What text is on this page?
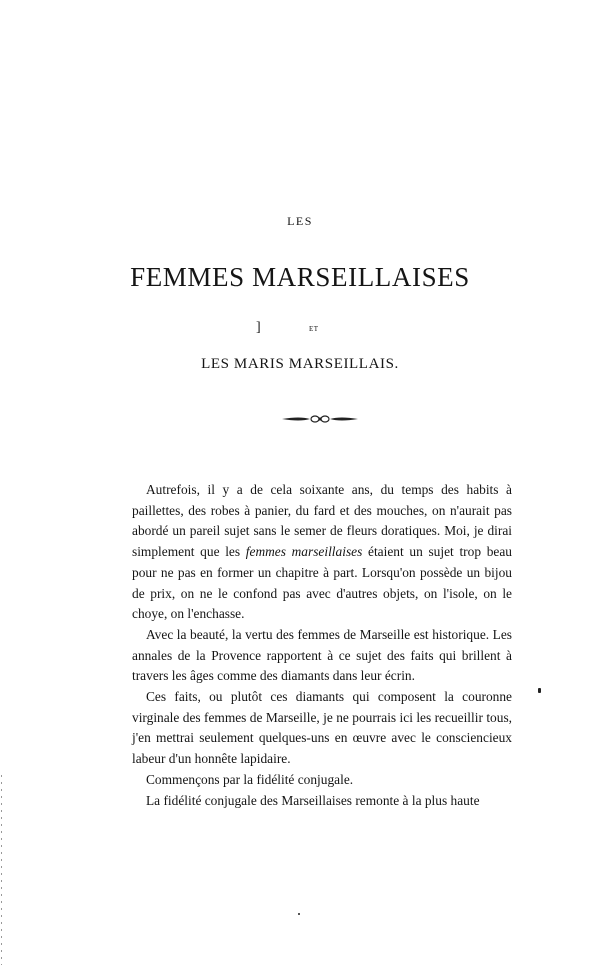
LES
FEMMES MARSEILLAISES
]	ET
LES MARIS MARSEILLAIS.

Autrefois, il y a de cela soixante ans, du temps des habits à paillettes, des robes à panier, du fard et des mouches, on n'aurait pas abordé un pareil sujet sans le semer de fleurs doratiques. Moi, je dirai simplement que les femmes marseillaises étaient un sujet trop beau pour ne pas en former un chapitre à part. Lorsqu'on possède un bijou de prix, on ne le confond pas avec d'autres objets, on l'isole, on le choye, on l'enchasse.

Avec la beauté, la vertu des femmes de Marseille est historique. Les annales de la Provence rapportent à ce sujet des faits qui brillent à travers les âges comme des diamants dans leur écrin.

Ces faits, ou plutôt ces diamants qui composent la couronne virginale des femmes de Marseille, je ne pourrais ici les recueillir tous, j'en mettrai seulement quelques-uns en œuvre avec le consciencieux labeur d'un honnête lapidaire.

Commençons par la fidélité conjugale.

La fidélité conjugale des Marseillaises remonte à la plus haute
